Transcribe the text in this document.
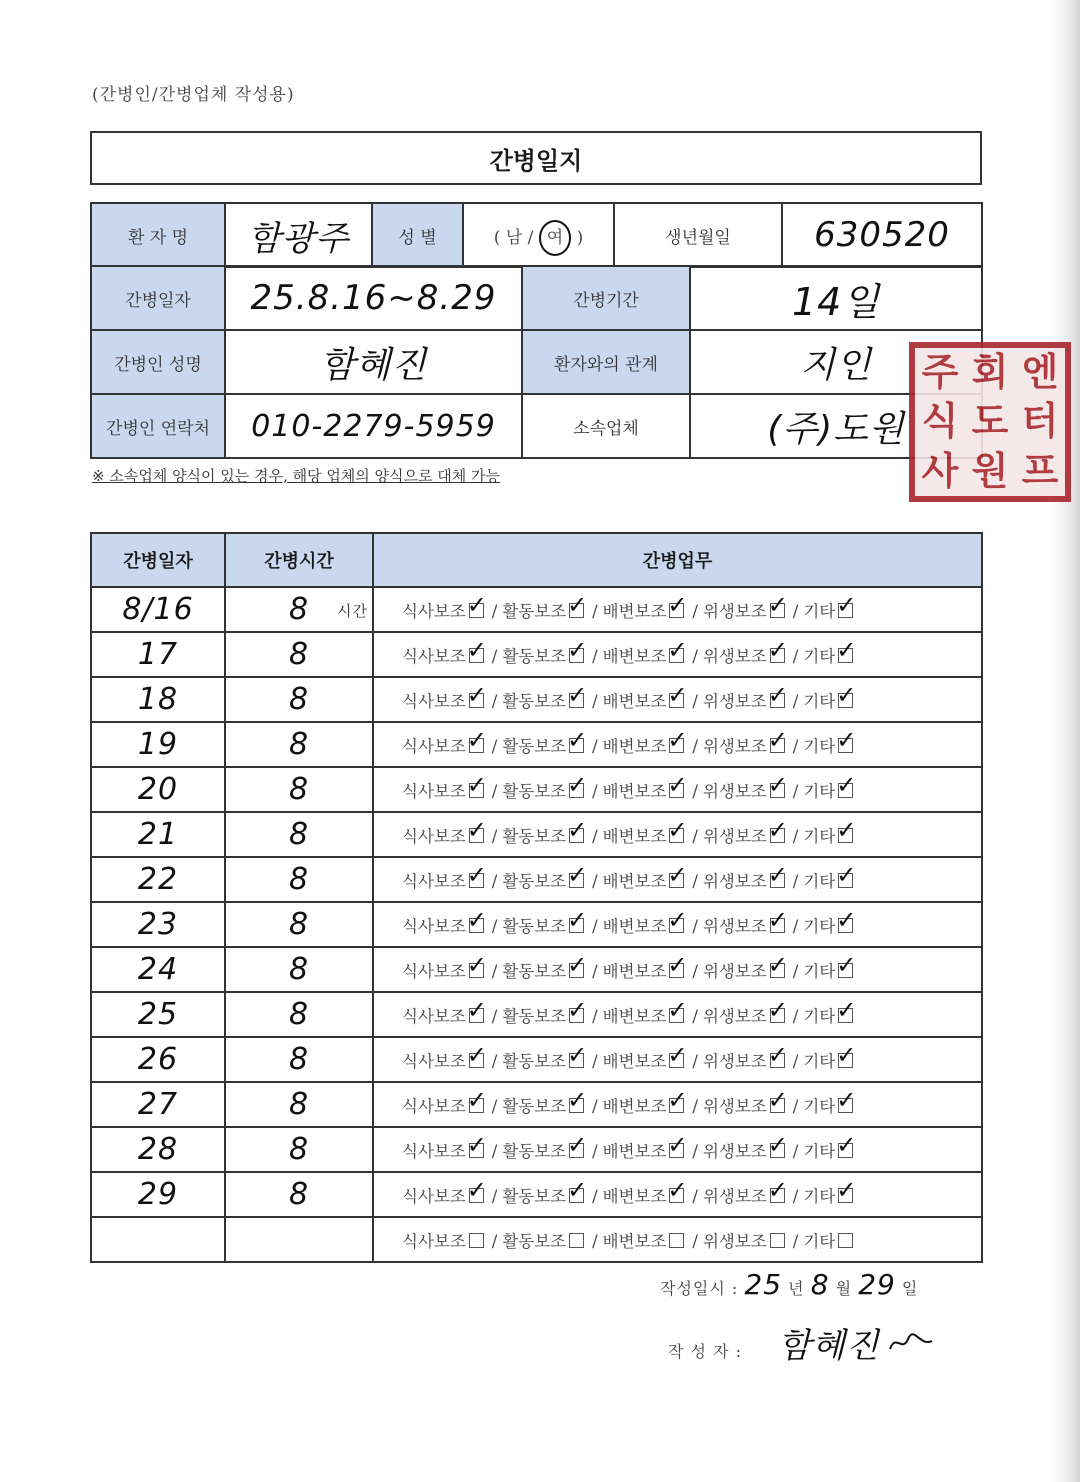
(간병인/간병업체 작성용)
간병일지
환 자 명	함광주	성 별	( 남 / 여 )	생년월일	630520
간병일자	25.8.16~8.29	간병기간	14일
간병인 성명	함혜진	환자와의 관계	지인
간병인 연락처	010-2279-5959	소속업체	(주)도원
※ 소속업체 양식이 있는 경우, 해당 업체의 양식으로 대체 가능
주 회 엔
식 도 터
사 원 프
간병일자	간병시간	간병업무
8/16	8 시간	식사보조 ✓ / 활동보조 ✓ / 배변보조 ✓ / 위생보조 ✓ / 기타✓
17	8	식사보조 ✓ / 활동보조 ✓ / 배변보조 ✓ / 위생보조 ✓ / 기타✓
18	8	식사보조 ✓ / 활동보조 ✓ / 배변보조 ✓ / 위생보조 ✓ / 기타✓
19	8	식사보조 ✓ / 활동보조 ✓ / 배변보조 ✓ / 위생보조 ✓ / 기타✓
20	8	식사보조 ✓ / 활동보조 ✓ / 배변보조 ✓ / 위생보조 ✓ / 기타✓
21	8	식사보조 ✓ / 활동보조 ✓ / 배변보조 ✓ / 위생보조 ✓ / 기타✓
22	8	식사보조 ✓ / 활동보조 ✓ / 배변보조 ✓ / 위생보조 ✓ / 기타✓
23	8	식사보조 ✓ / 활동보조 ✓ / 배변보조 ✓ / 위생보조 ✓ / 기타✓
24	8	식사보조 ✓ / 활동보조 ✓ / 배변보조 ✓ / 위생보조 ✓ / 기타✓
25	8	식사보조 ✓ / 활동보조 ✓ / 배변보조 ✓ / 위생보조 ✓ / 기타✓
26	8	식사보조 ✓ / 활동보조 ✓ / 배변보조 ✓ / 위생보조 ✓ / 기타✓
27	8	식사보조 ✓ / 활동보조 ✓ / 배변보조 ✓ / 위생보조 ✓ / 기타✓
28	8	식사보조 ✓ / 활동보조 ✓ / 배변보조 ✓ / 위생보조 ✓ / 기타✓
29	8	식사보조 ✓ / 활동보조 ✓ / 배변보조 ✓ / 위생보조 ✓ / 기타✓
		식사보조 / 활동보조 / 배변보조 / 위생보조 / 기타
작성일시 : 25 년 8 월 29 일
작 성 자 : 함혜진
